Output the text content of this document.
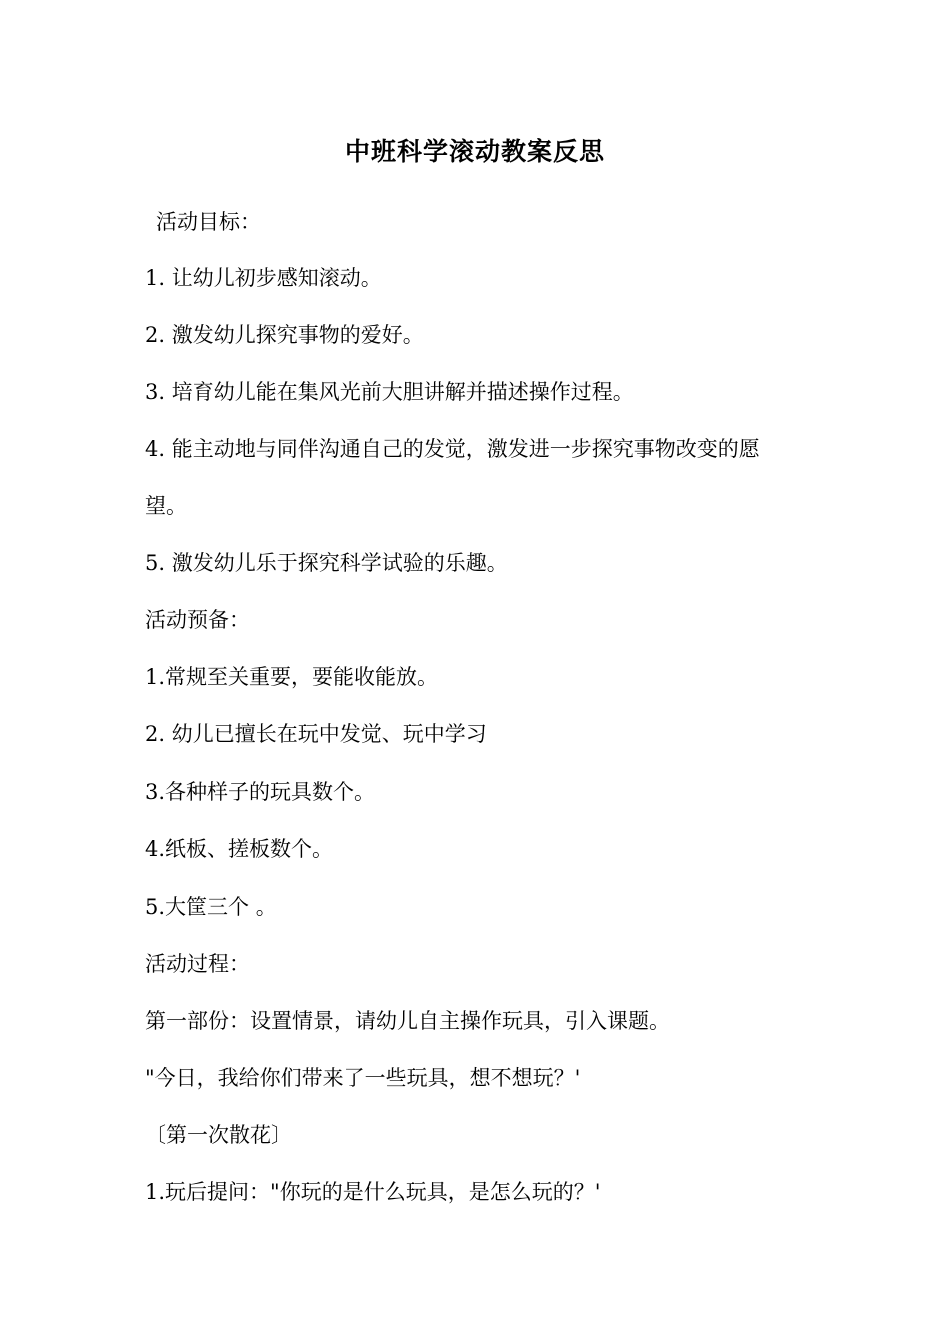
中班科学滚动教案反思
活动目标：
1. 让幼儿初步感知滚动。
2. 激发幼儿探究事物的爱好。
3. 培育幼儿能在集风光前大胆讲解并描述操作过程。
4. 能主动地与同伴沟通自己的发觉，激发进一步探究事物改变的愿
望。
5. 激发幼儿乐于探究科学试验的乐趣。
活动预备：
1.常规至关重要，要能收能放。
2. 幼儿已擅长在玩中发觉、玩中学习
3.各种样子的玩具数个。
4.纸板、搓板数个。
5.大筐三个 。
活动过程：
第一部份：设置情景，请幼儿自主操作玩具，引入课题。
"今日，我给你们带来了一些玩具，想不想玩？'
〔第一次散花〕
1.玩后提问："你玩的是什么玩具，是怎么玩的？'
